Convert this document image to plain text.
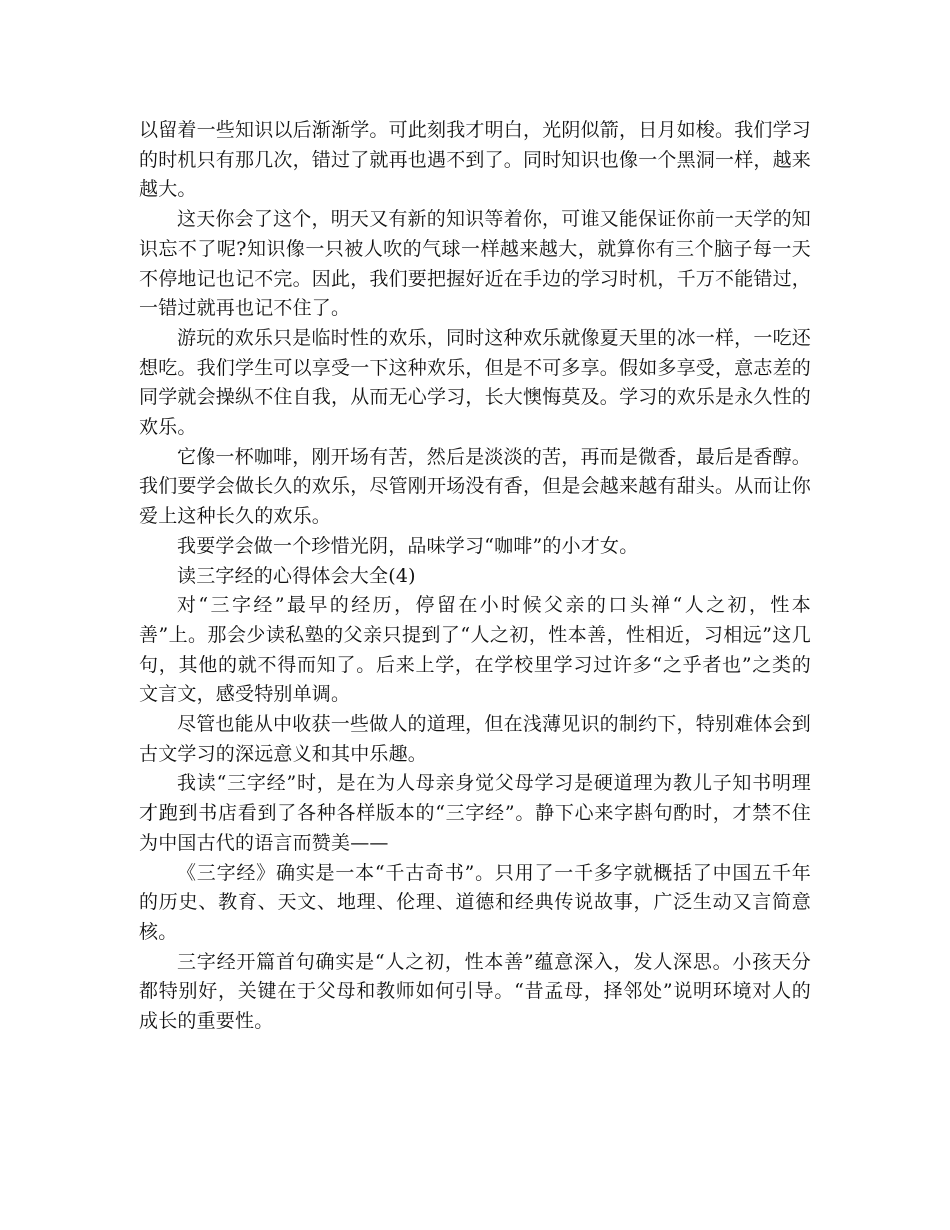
以留着一些知识以后渐渐学。可此刻我才明白，光阴似箭，日月如梭。我们学习的时机只有那几次，错过了就再也遇不到了。同时知识也像一个黑洞一样，越来越大。

这天你会了这个，明天又有新的知识等着你，可谁又能保证你前一天学的知识忘不了呢?知识像一只被人吹的气球一样越来越大，就算你有三个脑子每一天不停地记也记不完。因此，我们要把握好近在手边的学习时机，千万不能错过，一错过就再也记不住了。

游玩的欢乐只是临时性的欢乐，同时这种欢乐就像夏天里的冰一样，一吃还想吃。我们学生可以享受一下这种欢乐，但是不可多享。假如多享受，意志差的同学就会操纵不住自我，从而无心学习，长大懊悔莫及。学习的欢乐是永久性的欢乐。

它像一杯咖啡，刚开场有苦，然后是淡淡的苦，再而是微香，最后是香醇。我们要学会做长久的欢乐，尽管刚开场没有香，但是会越来越有甜头。从而让你爱上这种长久的欢乐。

我要学会做一个珍惜光阴，品味学习“咖啡”的小才女。

读三字经的心得体会大全(4)

对“三字经”最早的经历，停留在小时候父亲的口头禅“人之初，性本善”上。那会少读私塾的父亲只提到了“人之初，性本善，性相近，习相远”这几句，其他的就不得而知了。后来上学，在学校里学习过许多“之乎者也”之类的文言文，感受特别单调。

尽管也能从中收获一些做人的道理，但在浅薄见识的制约下，特别难体会到古文学习的深远意义和其中乐趣。

我读“三字经”时，是在为人母亲身觉父母学习是硬道理为教儿子知书明理才跑到书店看到了各种各样版本的“三字经”。静下心来字斟句酌时，才禁不住为中国古代的语言而赞美——

《三字经》确实是一本“千古奇书”。只用了一千多字就概括了中国五千年的历史、教育、天文、地理、伦理、道德和经典传说故事，广泛生动又言简意核。

三字经开篇首句确实是“人之初，性本善”蕴意深入，发人深思。小孩天分都特别好，关键在于父母和教师如何引导。“昔孟母，择邻处”说明环境对人的成长的重要性。
